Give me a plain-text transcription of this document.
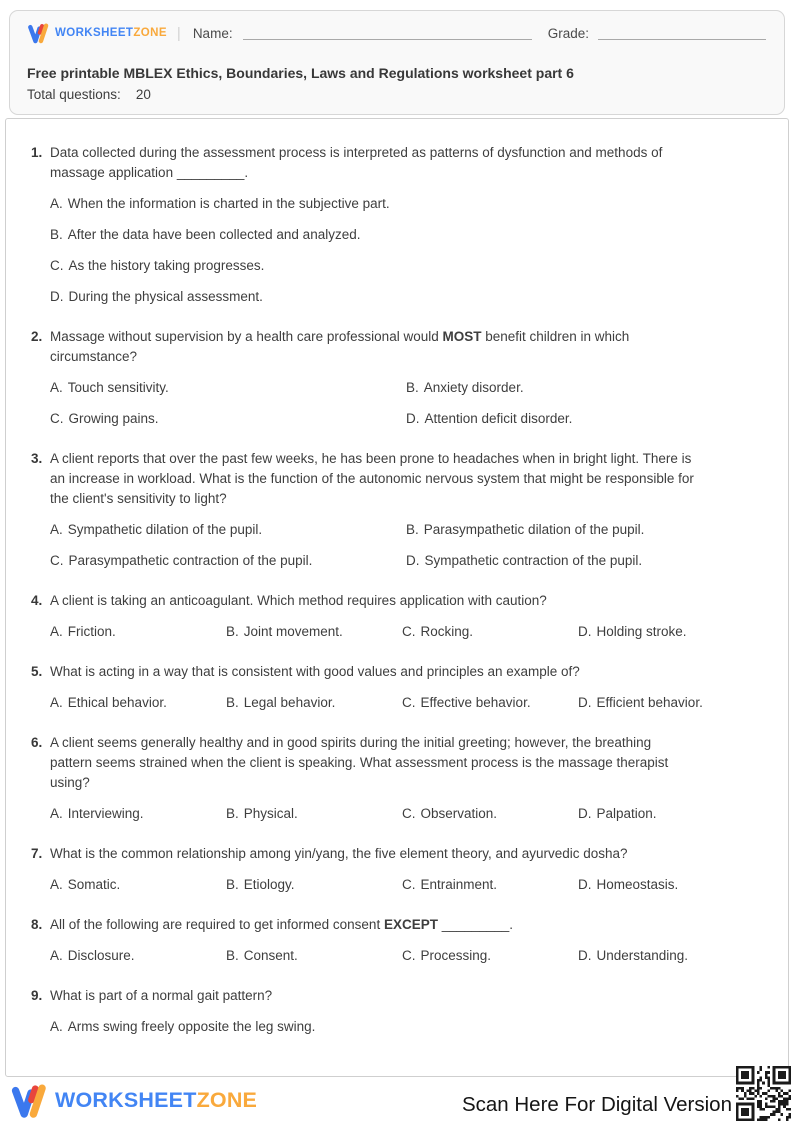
WORKSHEETZONE | Name:	Grade:
Free printable MBLEX Ethics, Boundaries, Laws and Regulations worksheet part 6
Total questions: 20
1. Data collected during the assessment process is interpreted as patterns of dysfunction and methods of
massage application _________.
A. When the information is charted in the subjective part.
B. After the data have been collected and analyzed.
C. As the history taking progresses.
D. During the physical assessment.
2. Massage without supervision by a health care professional would MOST benefit children in which
circumstance?
A. Touch sensitivity.	B. Anxiety disorder.
C. Growing pains.	D. Attention deficit disorder.
3. A client reports that over the past few weeks, he has been prone to headaches when in bright light. There is
an increase in workload. What is the function of the autonomic nervous system that might be responsible for
the client's sensitivity to light?
A. Sympathetic dilation of the pupil.	B. Parasympathetic dilation of the pupil.
C. Parasympathetic contraction of the pupil.	D. Sympathetic contraction of the pupil.
4. A client is taking an anticoagulant. Which method requires application with caution?
A. Friction.	B. Joint movement.	C. Rocking.	D. Holding stroke.
5. What is acting in a way that is consistent with good values and principles an example of?
A. Ethical behavior.	B. Legal behavior.	C. Effective behavior.	D. Efficient behavior.
6. A client seems generally healthy and in good spirits during the initial greeting; however, the breathing
pattern seems strained when the client is speaking. What assessment process is the massage therapist
using?
A. Interviewing.	B. Physical.	C. Observation.	D. Palpation.
7. What is the common relationship among yin/yang, the five element theory, and ayurvedic dosha?
A. Somatic.	B. Etiology.	C. Entrainment.	D. Homeostasis.
8. All of the following are required to get informed consent EXCEPT _________.
A. Disclosure.	B. Consent.	C. Processing.	D. Understanding.
9. What is part of a normal gait pattern?
A. Arms swing freely opposite the leg swing.
WORKSHEETZONE	Scan Here For Digital Version
